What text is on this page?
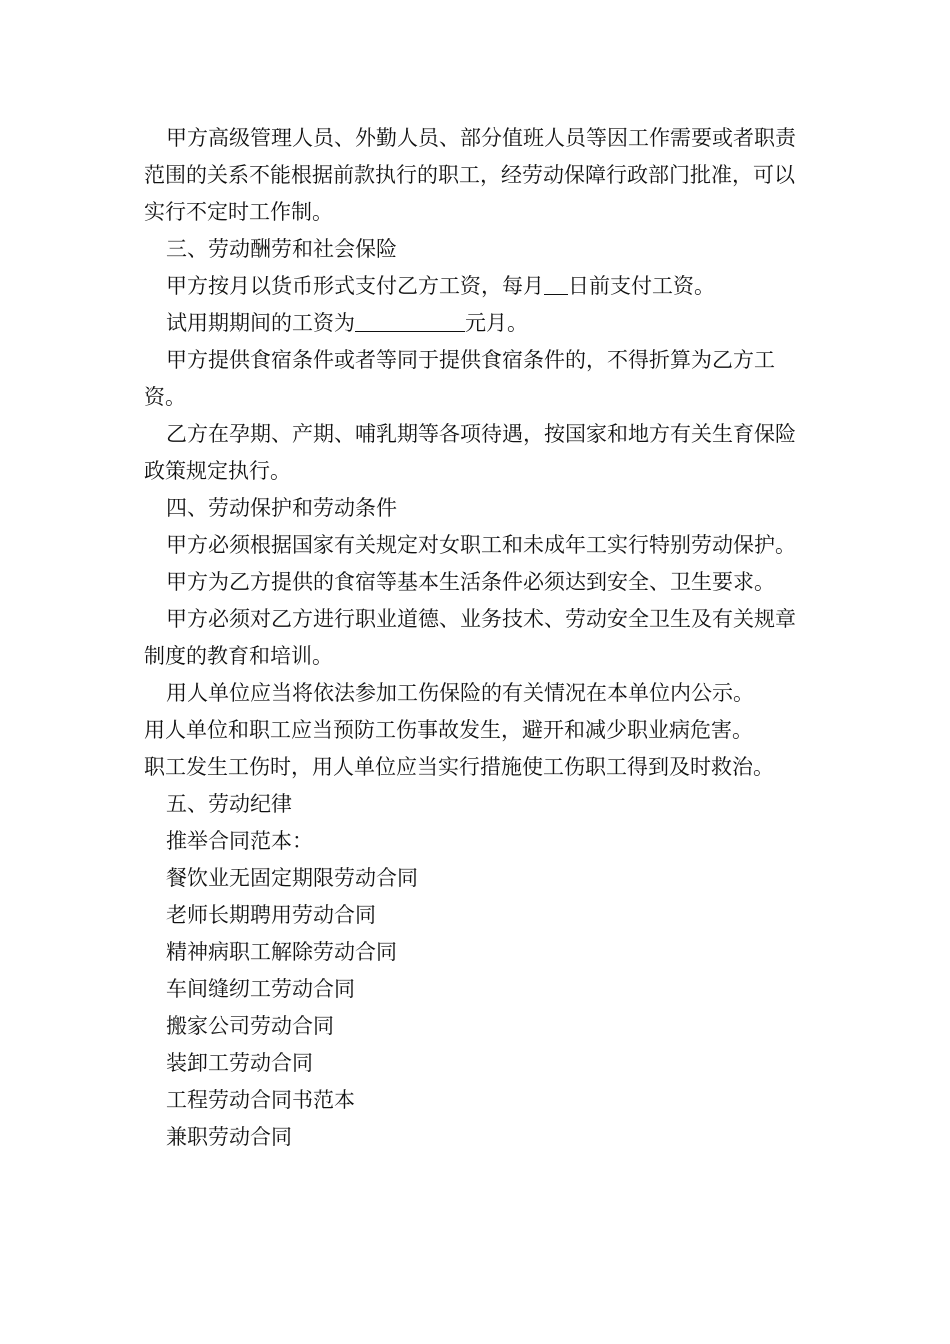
甲方高级管理人员、外勤人员、部分值班人员等因工作需要或者职责范围的关系不能根据前款执行的职工，经劳动保障行政部门批准，可以实行不定时工作制。

三、劳动酬劳和社会保险

甲方按月以货币形式支付乙方工资，每月 日前支付工资。

试用期期间的工资为	元月。

甲方提供食宿条件或者等同于提供食宿条件的，不得折算为乙方工资。

乙方在孕期、产期、哺乳期等各项待遇，按国家和地方有关生育保险政策规定执行。

四、劳动保护和劳动条件

甲方必须根据国家有关规定对女职工和未成年工实行特别劳动保护。

甲方为乙方提供的食宿等基本生活条件必须达到安全、卫生要求。

甲方必须对乙方进行职业道德、业务技术、劳动安全卫生及有关规章制度的教育和培训。

用人单位应当将依法参加工伤保险的有关情况在本单位内公示。

用人单位和职工应当预防工伤事故发生，避开和减少职业病危害。

职工发生工伤时，用人单位应当实行措施使工伤职工得到及时救治。

五、劳动纪律

推举合同范本：

餐饮业无固定期限劳动合同

老师长期聘用劳动合同

精神病职工解除劳动合同

车间缝纫工劳动合同

搬家公司劳动合同

装卸工劳动合同

工程劳动合同书范本

兼职劳动合同
